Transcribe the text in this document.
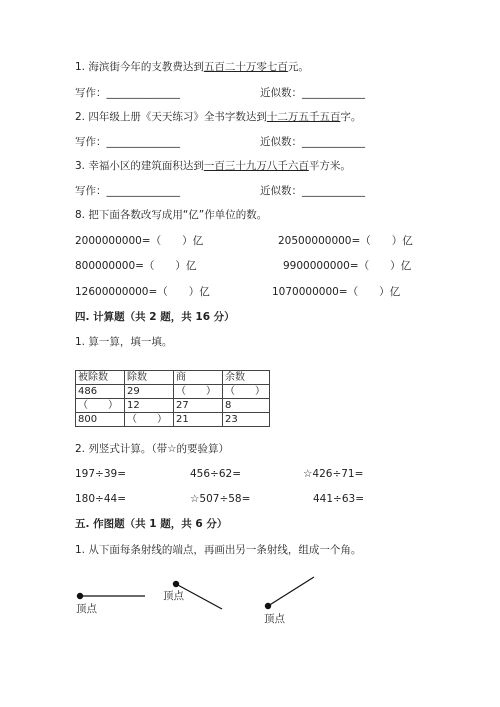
1. 海滨街今年的支教费达到五百二十万零七百元。
写作：______________	近似数：____________
2. 四年级上册《天天练习》全书字数达到十二万五千五百字。
写作：______________	近似数：____________
3. 幸福小区的建筑面积达到一百三十九万八千六百平方米。
写作：______________	近似数：____________
8. 把下面各数改写成用“亿”作单位的数。
2000000000=（　　）亿	20500000000=（　　）亿
800000000=（　　）亿	9900000000=（　　）亿
12600000000=（　　）亿	1070000000=（　　）亿
四. 计算题（共 2 题，共 16 分）
1. 算一算，填一填。
被除数	除数	商	余数
486	29	（　　）	（　　）
（　　）	12	27	8
800	（　　）	21	23
2. 列竖式计算。（带☆的要验算）
197÷39=	456÷62=	☆426÷71=
180÷44=	☆507÷58=	441÷63=
五. 作图题（共 1 题，共 6 分）
1. 从下面每条射线的端点，再画出另一条射线，组成一个角。
顶点
顶点
顶点
